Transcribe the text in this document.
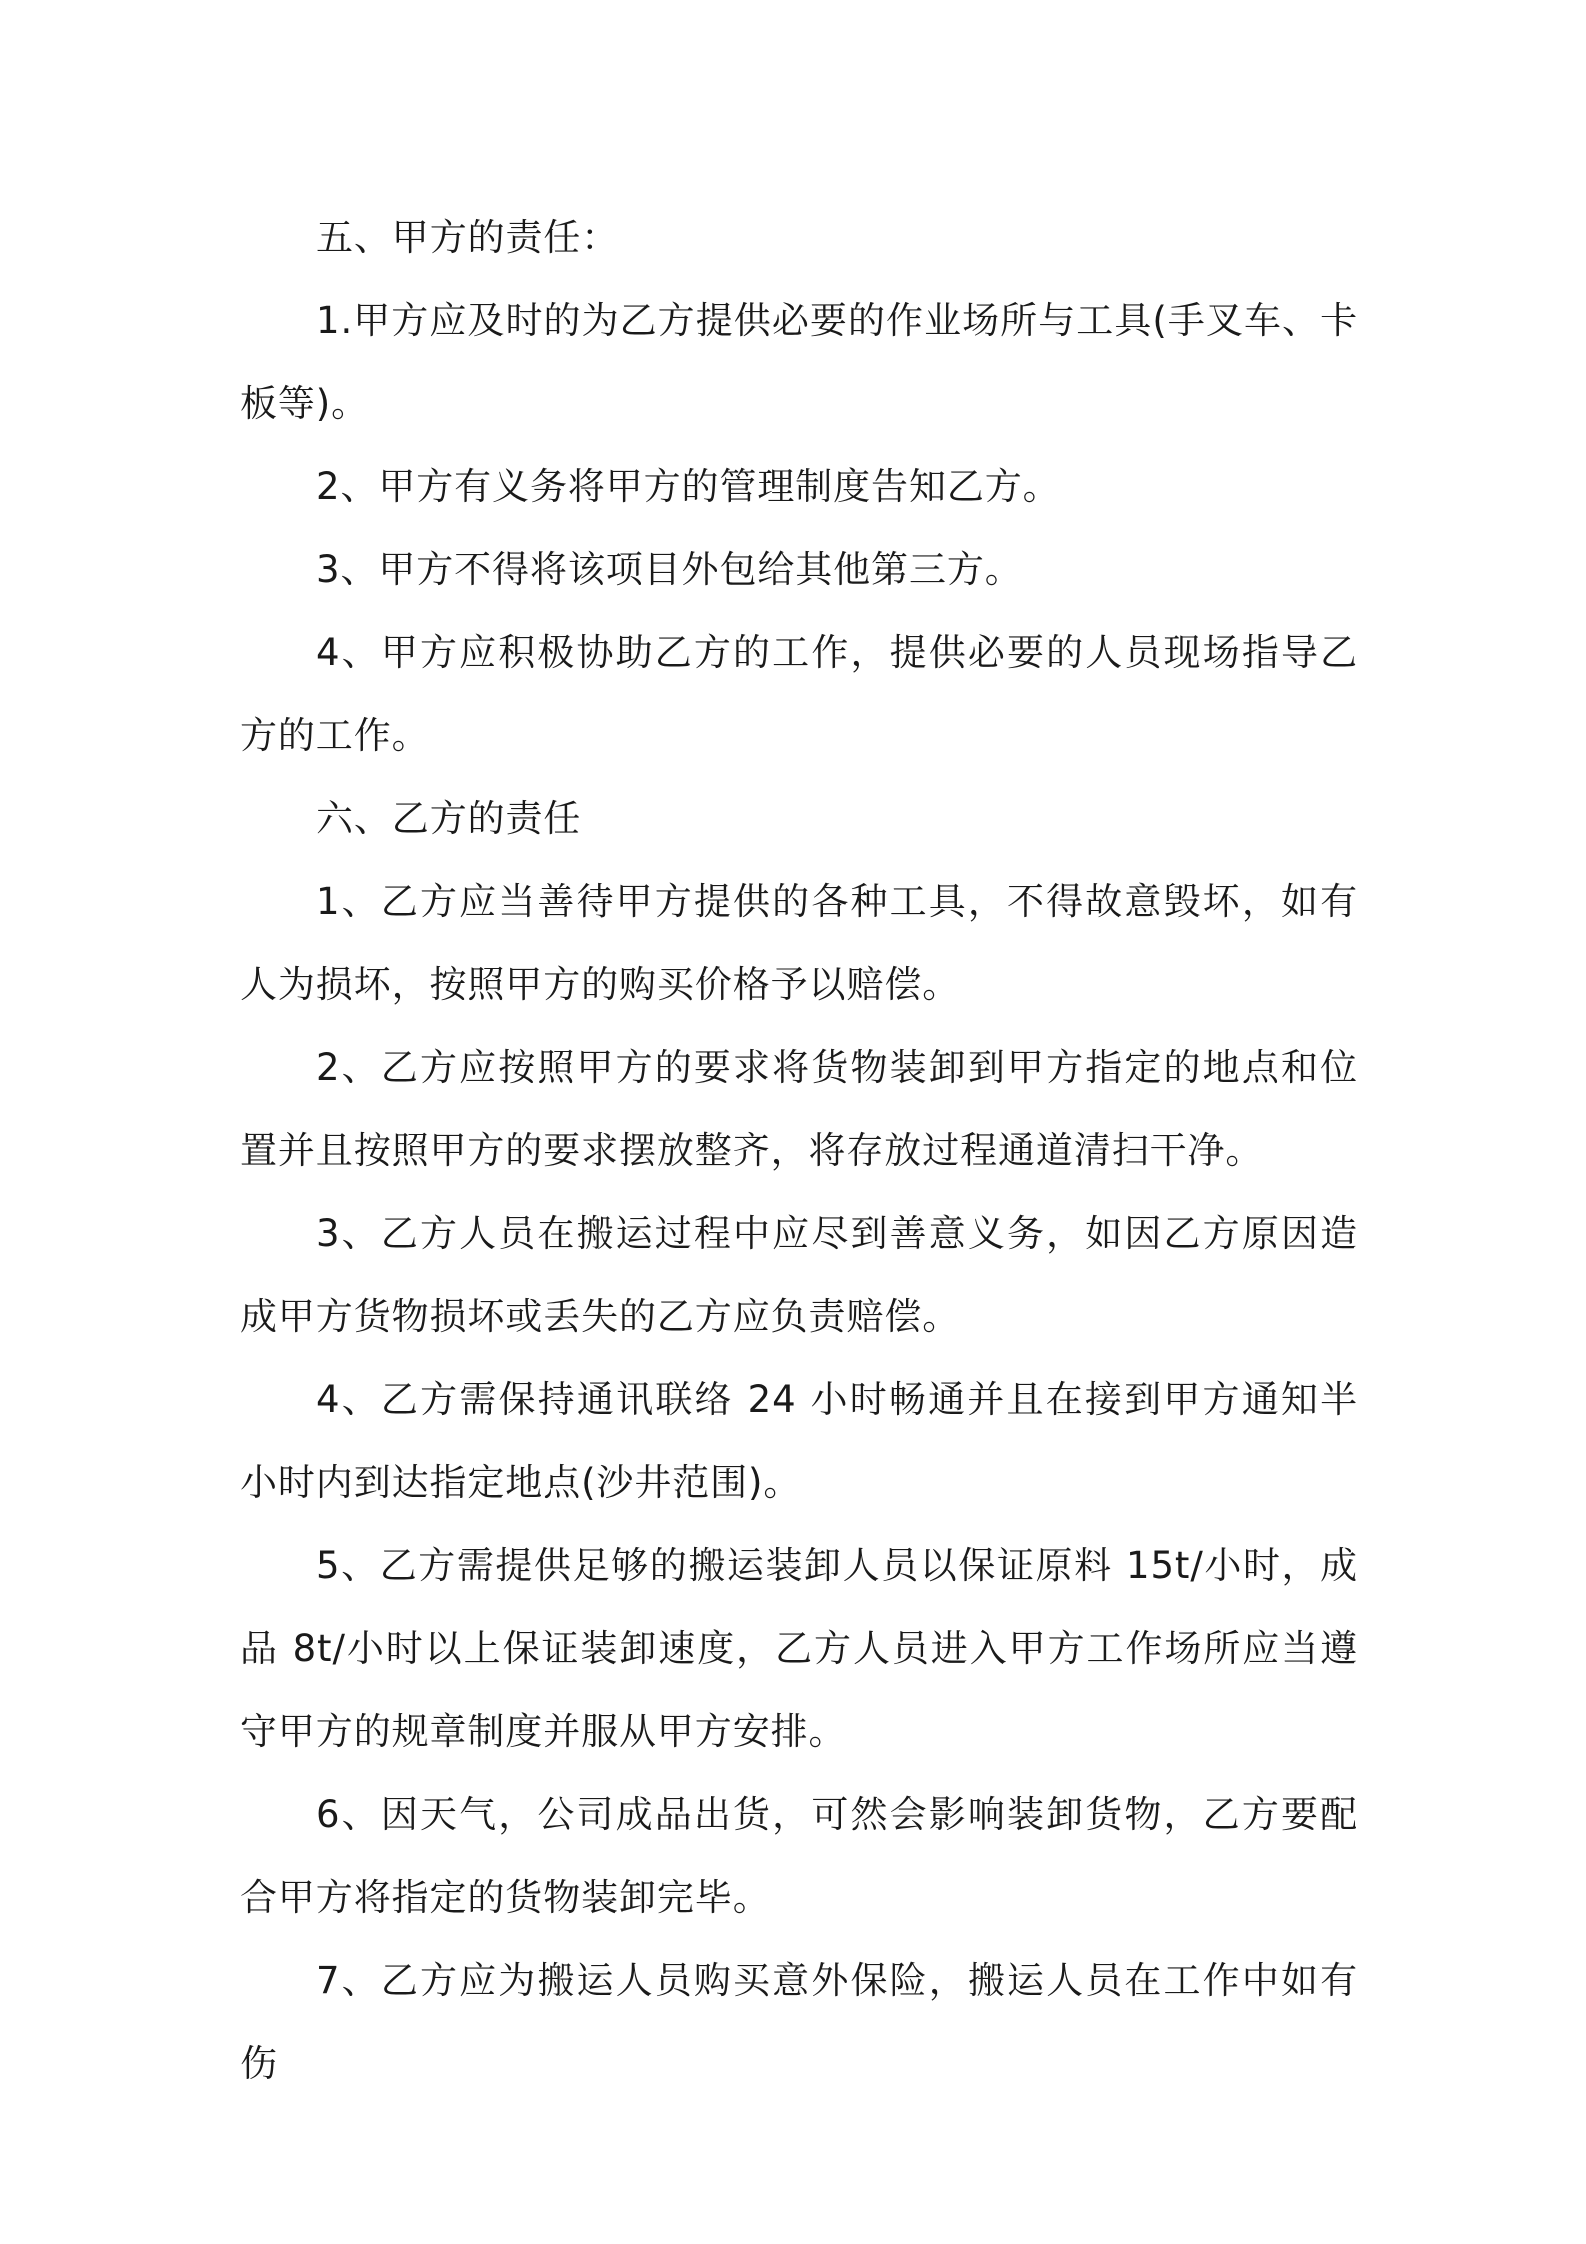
五、甲方的责任：

1.甲方应及时的为乙方提供必要的作业场所与工具(手叉车、卡板等)。

2、甲方有义务将甲方的管理制度告知乙方。

3、甲方不得将该项目外包给其他第三方。

4、甲方应积极协助乙方的工作，提供必要的人员现场指导乙方的工作。

六、乙方的责任

1、乙方应当善待甲方提供的各种工具，不得故意毁坏，如有人为损坏，按照甲方的购买价格予以赔偿。

2、乙方应按照甲方的要求将货物装卸到甲方指定的地点和位置并且按照甲方的要求摆放整齐，将存放过程通道清扫干净。

3、乙方人员在搬运过程中应尽到善意义务，如因乙方原因造成甲方货物损坏或丢失的乙方应负责赔偿。

4、乙方需保持通讯联络 24 小时畅通并且在接到甲方通知半小时内到达指定地点(沙井范围)。

5、乙方需提供足够的搬运装卸人员以保证原料 15t/小时，成品 8t/小时以上保证装卸速度，乙方人员进入甲方工作场所应当遵守甲方的规章制度并服从甲方安排。

6、因天气，公司成品出货，可然会影响装卸货物，乙方要配合甲方将指定的货物装卸完毕。

7、乙方应为搬运人员购买意外保险，搬运人员在工作中如有伤
